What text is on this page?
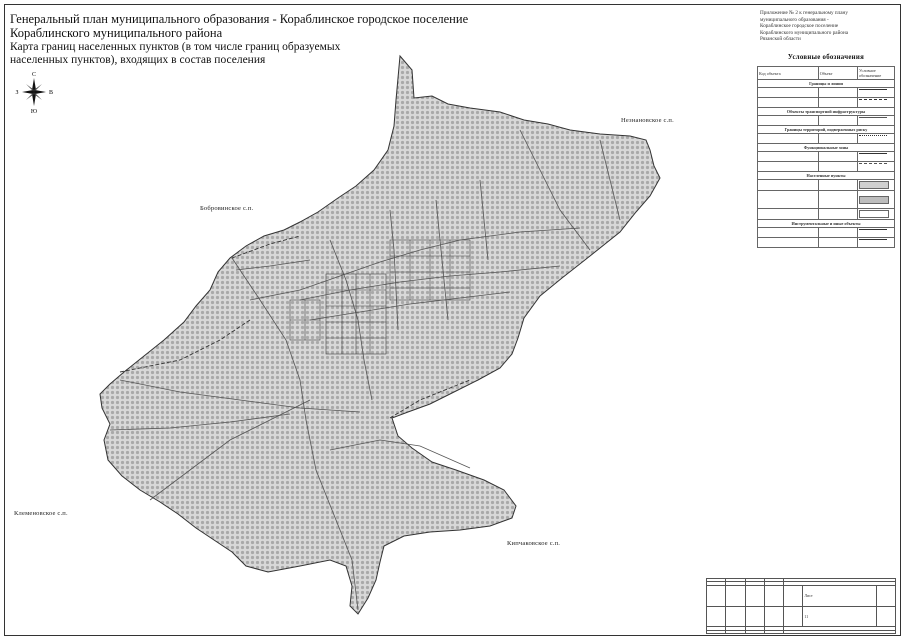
Генеральный план муниципального образования - Кораблинское городское поселение
Кораблинского муниципального района
Карта границ населенных пунктов (в том числе границ образуемых населенных пунктов), входящих в состав поселения
С
Ю
З	В
Незнановское с.п.
Бобровинское с.п.
Клеменовское с.п.
Кипчаковское с.п.
Приложение № 2 к генеральному плану
муниципального образования -
Кораблинское городское поселение
Кораблинского муниципального района
Рязанской области
Условные обозначения
Код объекта	Объект	Условное обозначение
Границы и линии		

Объекты транспортной инфраструктуры		

Границы территорий, подверженных риску		

Функциональные зоны		

Населенные пункты		

Инструментальные и иные объекты		

					Лист	
					11	
